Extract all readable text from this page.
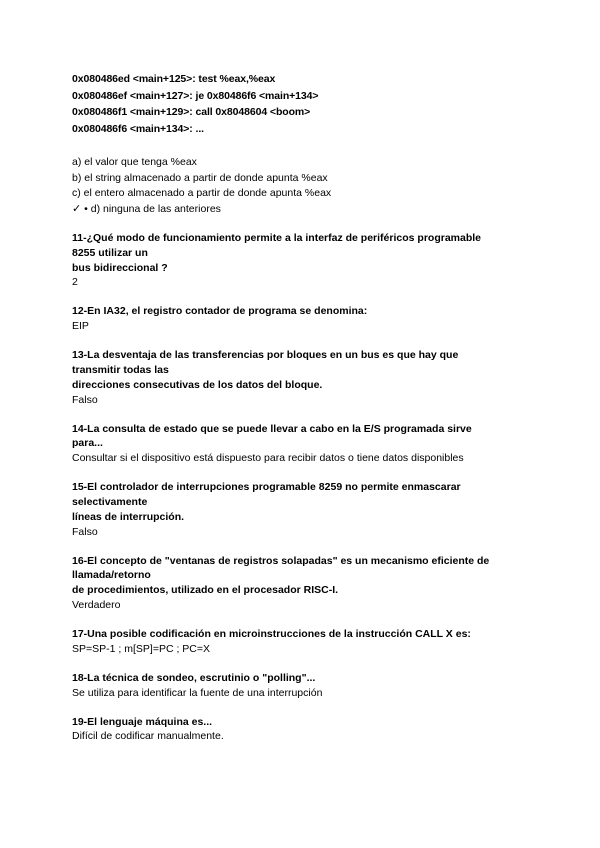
0x080486ed <main+125>: test %eax,%eax
0x080486ef <main+127>: je 0x80486f6 <main+134>
0x080486f1 <main+129>: call 0x8048604 <boom>
0x080486f6 <main+134>: ...
a) el valor que tenga %eax
b) el string almacenado a partir de donde apunta %eax
c) el entero almacenado a partir de donde apunta %eax
✓ • d) ninguna de las anteriores
11-¿Qué modo de funcionamiento permite a la interfaz de periféricos programable
8255 utilizar un
bus bidireccional ?
2
12-En IA32, el registro contador de programa se denomina:
EIP
13-La desventaja de las transferencias por bloques en un bus es que hay que
transmitir todas las
direcciones consecutivas de los datos del bloque.
Falso
14-La consulta de estado que se puede llevar a cabo en la E/S programada sirve
para...
Consultar si el dispositivo está dispuesto para recibir datos o tiene datos disponibles
15-El controlador de interrupciones programable 8259 no permite enmascarar
selectivamente
líneas de interrupción.
Falso
16-El concepto de "ventanas de registros solapadas" es un mecanismo eficiente de
llamada/retorno
de procedimientos, utilizado en el procesador RISC-I.
Verdadero
17-Una posible codificación en microinstrucciones de la instrucción CALL X es:
SP=SP-1 ; m[SP]=PC ; PC=X
18-La técnica de sondeo, escrutinio o "polling"...
Se utiliza para identificar la fuente de una interrupción
19-El lenguaje máquina es...
Difícil de codificar manualmente.
